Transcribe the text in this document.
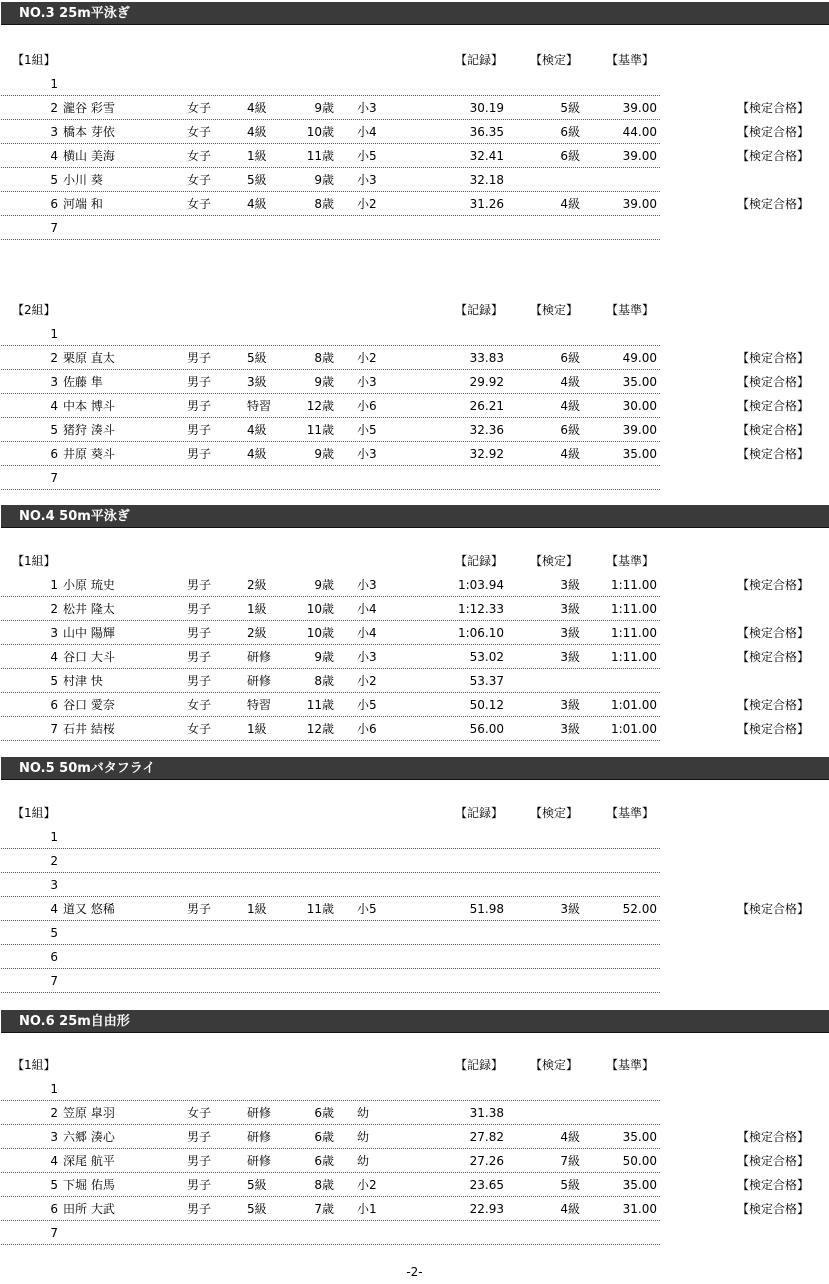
NO.3 25m平泳ぎ
【1組】	【記録】 【検定】 【基準】
1
2 瀧谷 彩雪	女子	4級	9歳 小3	30.19	5級	39.00	【検定合格】
3 橋本 芽依	女子	4級	10歳 小4	36.35	6級	44.00	【検定合格】
4 横山 美海	女子	1級	11歳 小5	32.41	6級	39.00	【検定合格】
5 小川 葵	女子	5級	9歳 小3	32.18
6 河端 和	女子	4級	8歳 小2	31.26	4級	39.00	【検定合格】
7
【2組】	【記録】 【検定】 【基準】
1
2 栗原 直太	男子	5級	8歳 小2	33.83	6級	49.00	【検定合格】
3 佐藤 隼	男子	3級	9歳 小3	29.92	4級	35.00	【検定合格】
4 中本 博斗	男子	特習	12歳 小6	26.21	4級	30.00	【検定合格】
5 猪狩 湊斗	男子	4級	11歳 小5	32.36	6級	39.00	【検定合格】
6 井原 葵斗	男子	4級	9歳 小3	32.92	4級	35.00	【検定合格】
7
NO.4 50m平泳ぎ
【1組】	【記録】 【検定】 【基準】
1 小原 琉史	男子	2級	9歳 小3	1:03.94	3級	1:11.00	【検定合格】
2 松井 隆太	男子	1級	10歳 小4	1:12.33	3級	1:11.00
3 山中 陽輝	男子	2級	10歳 小4	1:06.10	3級	1:11.00	【検定合格】
4 谷口 大斗	男子	研修	9歳 小3	53.02	3級	1:11.00	【検定合格】
5 村津 快	男子	研修	8歳 小2	53.37
6 谷口 愛奈	女子	特習	11歳 小5	50.12	3級	1:01.00	【検定合格】
7 石井 結桜	女子	1級	12歳 小6	56.00	3級	1:01.00	【検定合格】
NO.5 50mバタフライ
【1組】	【記録】 【検定】 【基準】
1
2
3
4 道又 悠稀	男子	1級	11歳 小5	51.98	3級	52.00	【検定合格】
5
6
7
NO.6 25m自由形
【1組】	【記録】 【検定】 【基準】
1
2 笠原 皐羽	女子	研修	6歳 幼	31.38
3 六郷 湊心	男子	研修	6歳 幼	27.82	4級	35.00	【検定合格】
4 深尾 航平	男子	研修	6歳 幼	27.26	7級	50.00	【検定合格】
5 下堀 佑馬	男子	5級	8歳 小2	23.65	5級	35.00	【検定合格】
6 田所 大武	男子	5級	7歳 小1	22.93	4級	31.00	【検定合格】
7
-2-
